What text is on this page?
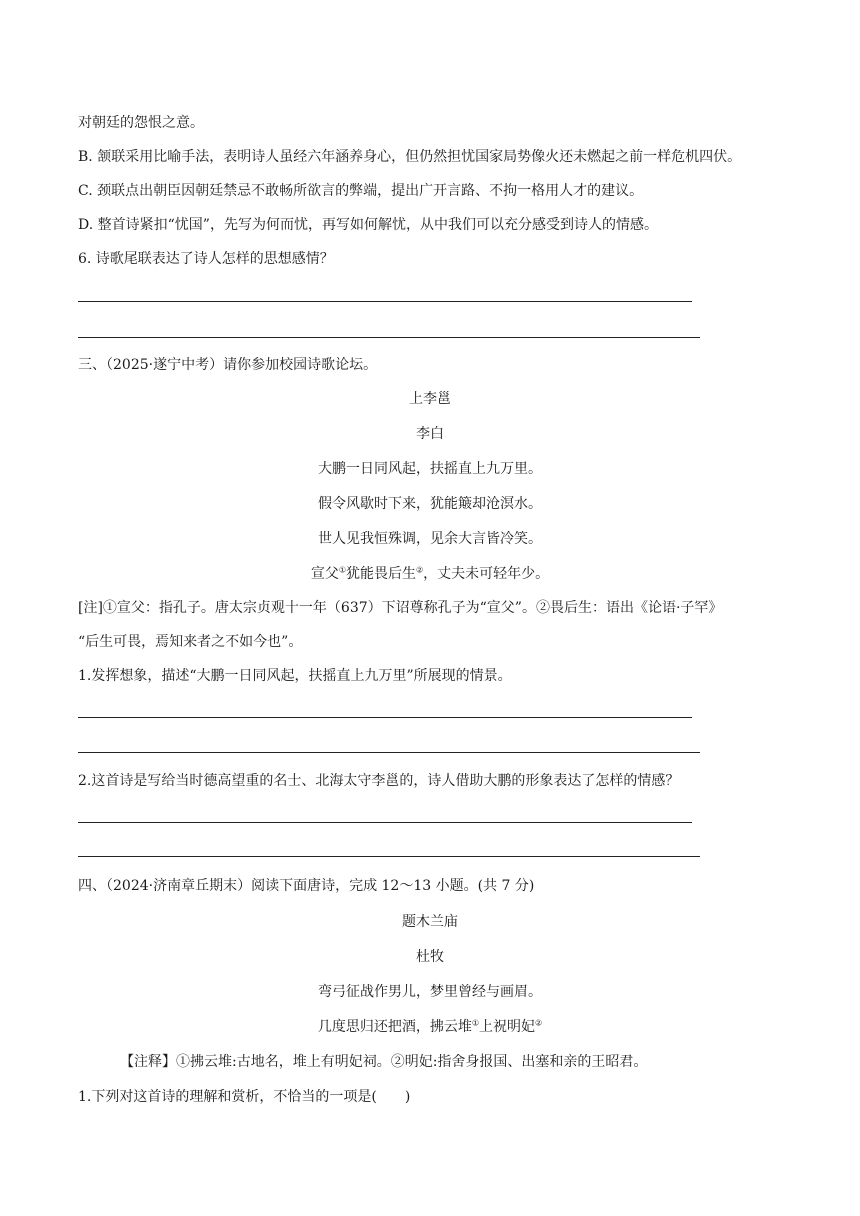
对朝廷的怨恨之意。
B. 颔联采用比喻手法，表明诗人虽经六年涵养身心，但仍然担忧国家局势像火还未燃起之前一样危机四伏。
C. 颈联点出朝臣因朝廷禁忌不敢畅所欲言的弊端，提出广开言路、不拘一格用人才的建议。
D. 整首诗紧扣“忧国”，先写为何而忧，再写如何解忧，从中我们可以充分感受到诗人的情感。
6. 诗歌尾联表达了诗人怎样的思想感情？
三、（2025·遂宁中考）请你参加校园诗歌论坛。
上李邕
李白
大鹏一日同风起，扶摇直上九万里。
假令风歇时下来，犹能簸却沧溟水。
世人见我恒殊调，见余大言皆冷笑。
宣父①犹能畏后生②，丈夫未可轻年少。
[注]①宣父：指孔子。唐太宗贞观十一年（637）下诏尊称孔子为“宣父”。②畏后生：语出《论语·子罕》
“后生可畏，焉知来者之不如今也”。
1.发挥想象，描述“大鹏一日同风起，扶摇直上九万里”所展现的情景。
2.这首诗是写给当时德高望重的名士、北海太守李邕的，诗人借助大鹏的形象表达了怎样的情感？
四、（2024·济南章丘期末）阅读下面唐诗，完成 12～13 小题。(共 7 分)
题木兰庙
杜牧
弯弓征战作男儿，梦里曾经与画眉。
几度思归还把酒，拂云堆①上祝明妃②
【注释】①拂云堆:古地名，堆上有明妃祠。②明妃:指舍身报国、出塞和亲的王昭君。
1.下列对这首诗的理解和赏析，不恰当的一项是( )
